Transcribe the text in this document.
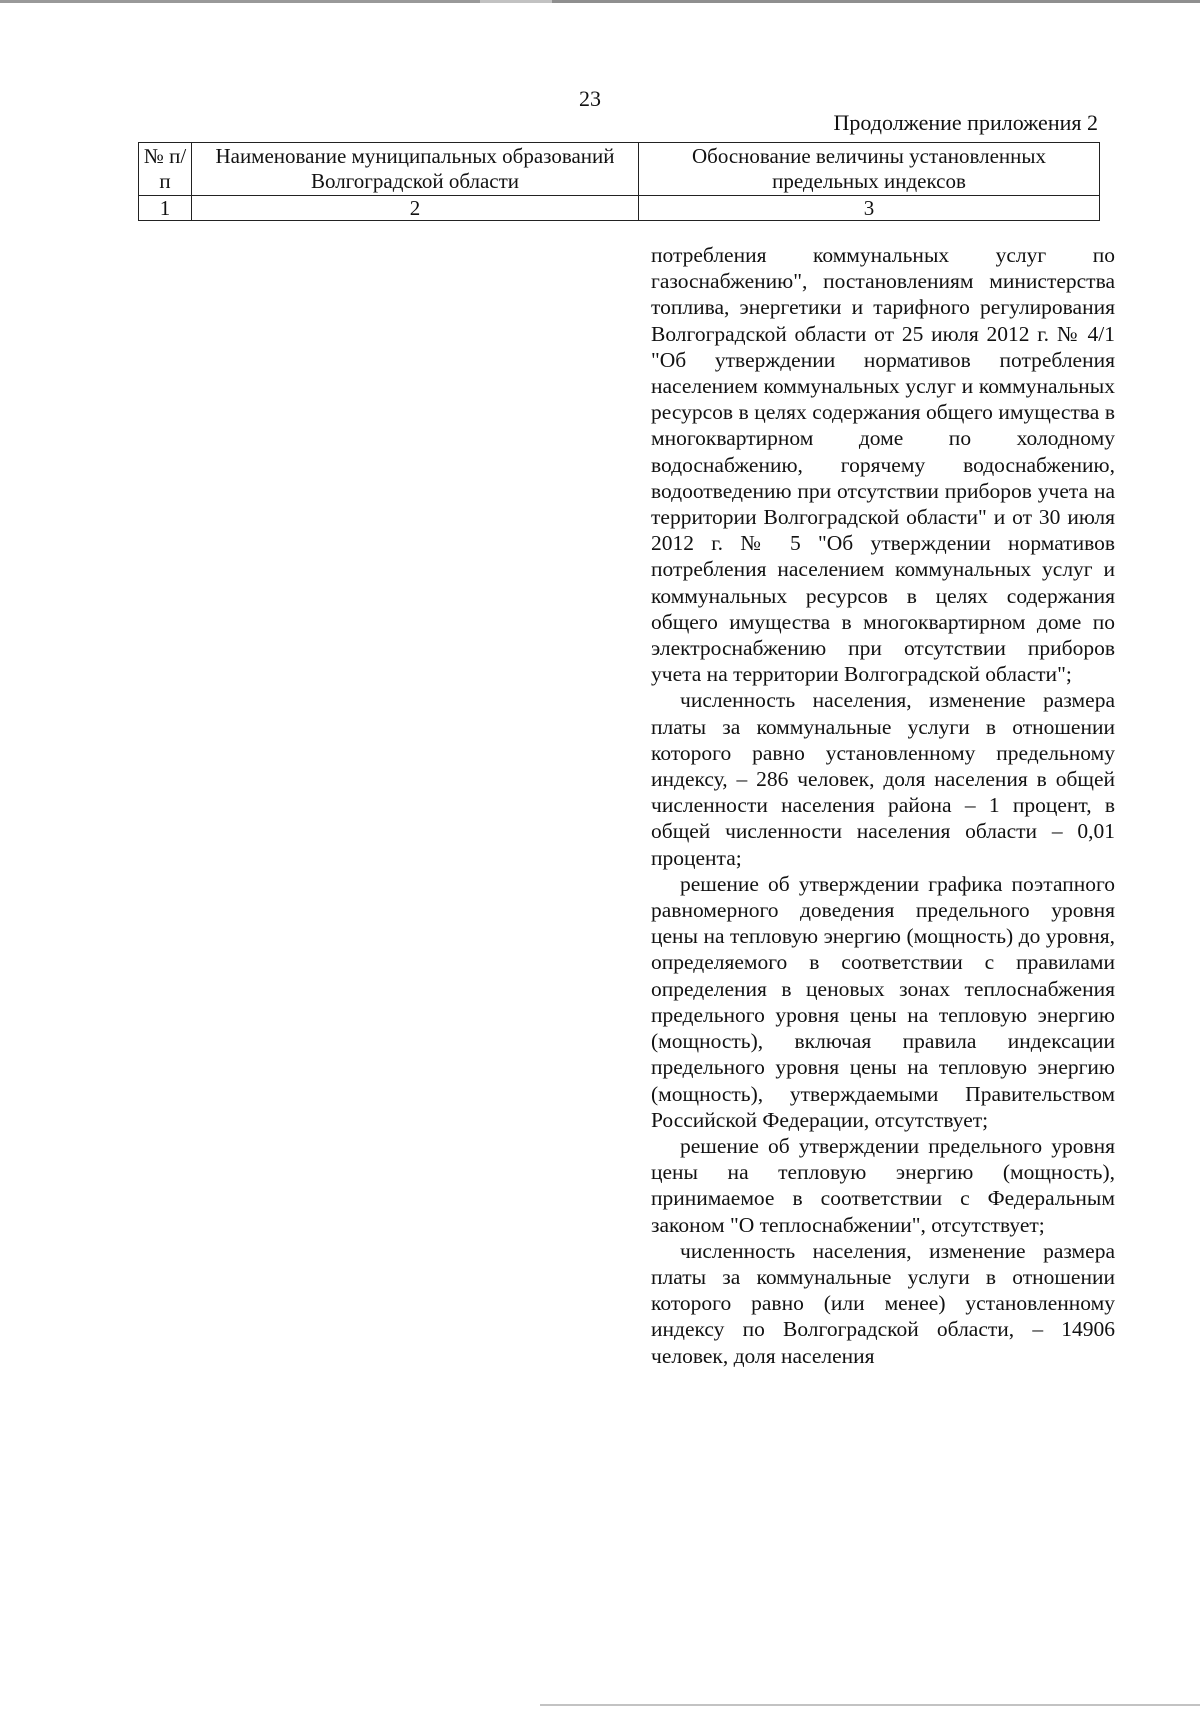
23
Продолжение приложения 2
№ п/п	Наименование муниципальных образований Волгоградской области	Обоснование величины установленных предельных индексов
1	2	3

потребления коммунальных услуг по газоснабжению", постановлениям министерства топлива, энергетики и тарифного регулирования Волгоградской области от 25 июля 2012 г. № 4/1 "Об утверждении нормативов потребления населением коммунальных услуг и коммунальных ресурсов в целях содержания общего имущества в многоквартирном доме по холодному водоснабжению, горячему водоснабжению, водоотведению при отсутствии приборов учета на территории Волгоградской области" и от 30 июля 2012 г. № 5 "Об утверждении нормативов потребления населением коммунальных услуг и коммунальных ресурсов в целях содержания общего имущества в многоквартирном доме по электроснабжению при отсутствии приборов учета на территории Волгоградской области";

численность населения, изменение размера платы за коммунальные услуги в отношении которого равно установленному предельному индексу, – 286 человек, доля населения в общей численности населения района – 1 процент, в общей численности населения области – 0,01 процента;

решение об утверждении графика поэтапного равномерного доведения предельного уровня цены на тепловую энергию (мощность) до уровня, определяемого в соответствии с правилами определения в ценовых зонах теплоснабжения предельного уровня цены на тепловую энергию (мощность), включая правила индексации предельного уровня цены на тепловую энергию (мощность), утверждаемыми Правительством Российской Федерации, отсутствует;

решение об утверждении предельного уровня цены на тепловую энергию (мощность), принимаемое в соответствии с Федеральным законом "О теплоснабжении", отсутствует;

численность населения, изменение размера платы за коммунальные услуги в отношении которого равно (или менее) установленному индексу по Волгоградской области, – 14906 человек, доля населения
